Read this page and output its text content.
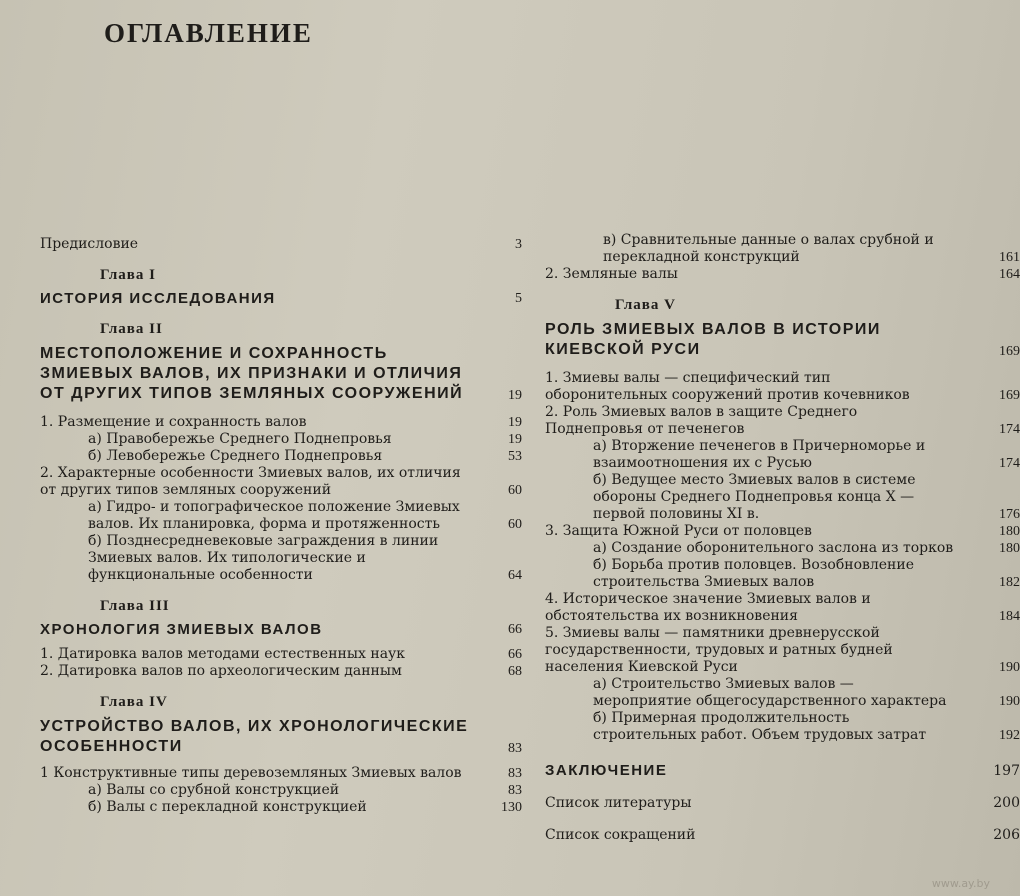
ОГЛАВЛЕНИЕ
Предисловие	3
Глава I
ИСТОРИЯ ИССЛЕДОВАНИЯ	5
Глава II
МЕСТОПОЛОЖЕНИЕ И СОХРАННОСТЬ ЗМИЕВЫХ ВАЛОВ, ИХ ПРИЗНАКИ И ОТЛИЧИЯ ОТ ДРУГИХ ТИПОВ ЗЕМЛЯНЫХ СООРУЖЕНИЙ	19
1. Размещение и сохранность валов	19
а) Правобережье Среднего Поднепровья	19
б) Левобережье Среднего Поднепровья	53
2. Характерные особенности Змиевых валов, их отличия от других типов земляных сооружений	60
а) Гидро- и топографическое положение Змиевых валов. Их планировка, форма и протяженность	60
б) Позднесредневековые заграждения в линии Змиевых валов. Их типологические и функциональные особенности	64
Глава III
ХРОНОЛОГИЯ ЗМИЕВЫХ ВАЛОВ	66
1. Датировка валов методами естественных наук	66
2. Датировка валов по археологическим данным	68
Глава IV
УСТРОЙСТВО ВАЛОВ, ИХ ХРОНОЛОГИЧЕСКИЕ ОСОБЕННОСТИ	83
1 Конструктивные типы деревоземляных Змиевых валов	83
а) Валы со срубной конструкцией	83
б) Валы с перекладной конструкцией	130
в) Сравнительные данные о валах срубной и перекладной конструкций	161
2. Земляные валы	164
Глава V
РОЛЬ ЗМИЕВЫХ ВАЛОВ В ИСТОРИИ КИЕВСКОЙ РУСИ	169
1. Змиевы валы — специфический тип оборонительных сооружений против кочевников	169
2. Роль Змиевых валов в защите Среднего Поднепровья от печенегов	174
а) Вторжение печенегов в Причерноморье и взаимоотношения их с Русью	174
б) Ведущее место Змиевых валов в системе обороны Среднего Поднепровья конца X — первой половины XI в.	176
3. Защита Южной Руси от половцев	180
а) Создание оборонительного заслона из торков	180
б) Борьба против половцев. Возобновление строительства Змиевых валов	182
4. Историческое значение Змиевых валов и обстоятельства их возникновения	184
5. Змиевы валы — памятники древнерусской государственности, трудовых и ратных будней населения Киевской Руси	190
а) Строительство Змиевых валов — мероприятие общегосударственного характера	190
б) Примерная продолжительность строительных работ. Объем трудовых затрат	192
ЗАКЛЮЧЕНИЕ	197
Список литературы	200
Список сокращений	206
www.ay.by
